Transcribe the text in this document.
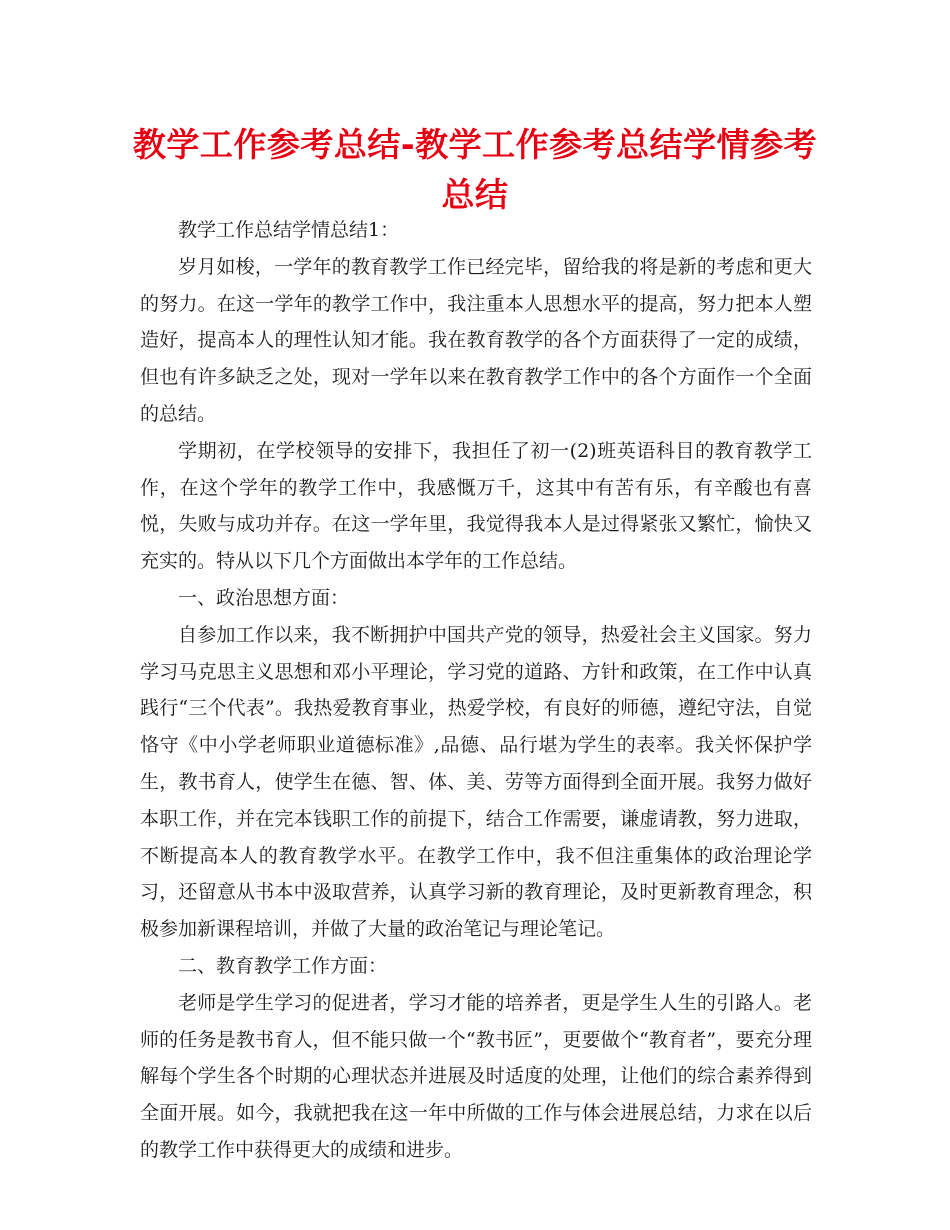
教学工作参考总结-教学工作参考总结学情参考总结

教学工作总结学情总结1：

岁月如梭，一学年的教育教学工作已经完毕，留给我的将是新的考虑和更大的努力。在这一学年的教学工作中，我注重本人思想水平的提高，努力把本人塑造好，提高本人的理性认知才能。我在教育教学的各个方面获得了一定的成绩，但也有许多缺乏之处，现对一学年以来在教育教学工作中的各个方面作一个全面的总结。

学期初，在学校领导的安排下，我担任了初一(2)班英语科目的教育教学工作，在这个学年的教学工作中，我感慨万千，这其中有苦有乐，有辛酸也有喜悦，失败与成功并存。在这一学年里，我觉得我本人是过得紧张又繁忙，愉快又充实的。特从以下几个方面做出本学年的工作总结。

一、政治思想方面：

自参加工作以来，我不断拥护中国共产党的领导，热爱社会主义国家。努力学习马克思主义思想和邓小平理论，学习党的道路、方针和政策，在工作中认真践行“三个代表”。我热爱教育事业，热爱学校，有良好的师德，遵纪守法，自觉恪守《中小学老师职业道德标准》,品德、品行堪为学生的表率。我关怀保护学生，教书育人，使学生在德、智、体、美、劳等方面得到全面开展。我努力做好本职工作，并在完本钱职工作的前提下，结合工作需要，谦虚请教，努力进取，不断提高本人的教育教学水平。在教学工作中，我不但注重集体的政治理论学习，还留意从书本中汲取营养，认真学习新的教育理论，及时更新教育理念，积极参加新课程培训，并做了大量的政治笔记与理论笔记。

二、教育教学工作方面：

老师是学生学习的促进者，学习才能的培养者，更是学生人生的引路人。老师的任务是教书育人，但不能只做一个“教书匠”，更要做个“教育者”，要充分理解每个学生各个时期的心理状态并进展及时适度的处理，让他们的综合素养得到全面开展。如今，我就把我在这一年中所做的工作与体会进展总结，力求在以后的教学工作中获得更大的成绩和进步。
